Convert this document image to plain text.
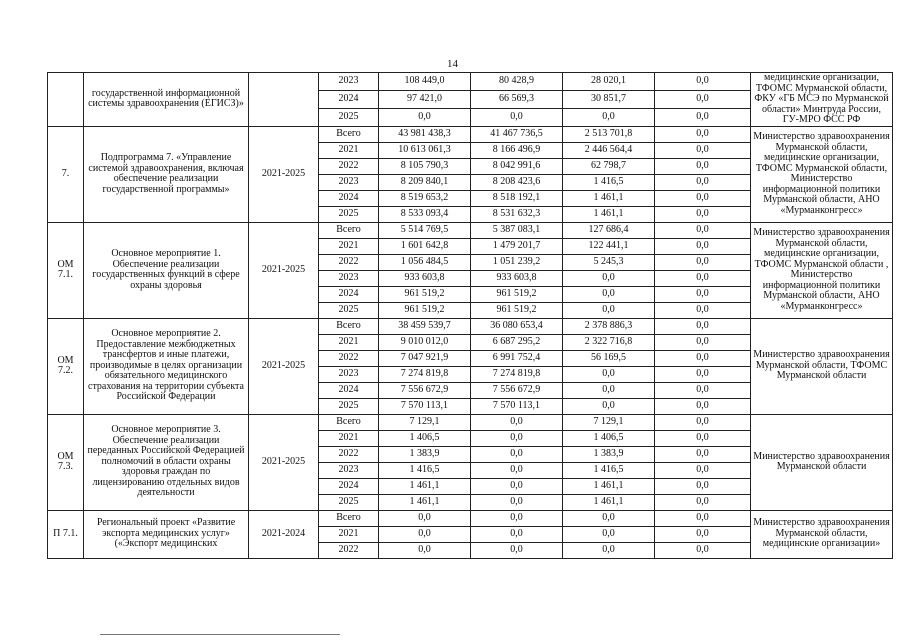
14
	государственной информационной системы здравоохранения (ЕГИСЗ)»		2023	108 449,0	80 428,9	28 020,1	0,0	медицинские организации, ТФОМС Мурманской области, ФКУ «ГБ МСЭ по Мурманской области» Минтруда России, ГУ-МРО ФСС РФ
			2024	97 421,0	66 569,3	30 851,7	0,0	
			2025	0,0	0,0	0,0	0,0	
7.	Подпрограмма 7. «Управление системой здравоохранения, включая обеспечение реализации государственной программы»	2021-2025	Всего	43 981 438,3	41 467 736,5	2 513 701,8	0,0	Министерство здравоохранения Мурманской области, медицинские организации, ТФОМС Мурманской области, Министерство информационной политики Мурманской области, АНО «Мурманконгресс»
			2021	10 613 061,3	8 166 496,9	2 446 564,4	0,0	
			2022	8 105 790,3	8 042 991,6	62 798,7	0,0	
			2023	8 209 840,1	8 208 423,6	1 416,5	0,0	
			2024	8 519 653,2	8 518 192,1	1 461,1	0,0	
			2025	8 533 093,4	8 531 632,3	1 461,1	0,0	
ОМ 7.1.	Основное мероприятие 1. Обеспечение реализации государственных функций в сфере охраны здоровья	2021-2025	Всего	5 514 769,5	5 387 083,1	127 686,4	0,0	Министерство здравоохранения Мурманской области, медицинские организации, ТФОМС Мурманской области , Министерство информационной политики Мурманской области, АНО «Мурманконгресс»
			2021	1 601 642,8	1 479 201,7	122 441,1	0,0	
			2022	1 056 484,5	1 051 239,2	5 245,3	0,0	
			2023	933 603,8	933 603,8	0,0	0,0	
			2024	961 519,2	961 519,2	0,0	0,0	
			2025	961 519,2	961 519,2	0,0	0,0	
ОМ 7.2.	Основное мероприятие 2. Предоставление межбюджетных трансфертов и иные платежи, производимые в целях организации обязательного медицинского страхования на территории субъекта Российской Федерации	2021-2025	Всего	38 459 539,7	36 080 653,4	2 378 886,3	0,0	Министерство здравоохранения Мурманской области, ТФОМС Мурманской области
			2021	9 010 012,0	6 687 295,2	2 322 716,8	0,0	
			2022	7 047 921,9	6 991 752,4	56 169,5	0,0	
			2023	7 274 819,8	7 274 819,8	0,0	0,0	
			2024	7 556 672,9	7 556 672,9	0,0	0,0	
			2025	7 570 113,1	7 570 113,1	0,0	0,0	
ОМ 7.3.	Основное мероприятие 3. Обеспечение реализации переданных Российской Федерацией полномочий в области охраны здоровья граждан по лицензированию отдельных видов деятельности	2021-2025	Всего	7 129,1	0,0	7 129,1	0,0	Министерство здравоохранения Мурманской области
			2021	1 406,5	0,0	1 406,5	0,0	
			2022	1 383,9	0,0	1 383,9	0,0	
			2023	1 416,5	0,0	1 416,5	0,0	
			2024	1 461,1	0,0	1 461,1	0,0	
			2025	1 461,1	0,0	1 461,1	0,0	
П 7.1.	Региональный проект «Развитие экспорта медицинских услуг» («Экспорт медицинских	2021-2024	Всего	0,0	0,0	0,0	0,0	Министерство здравоохранения Мурманской области, медицинские организации»
			2021	0,0	0,0	0,0	0,0	
			2022	0,0	0,0	0,0	0,0	
